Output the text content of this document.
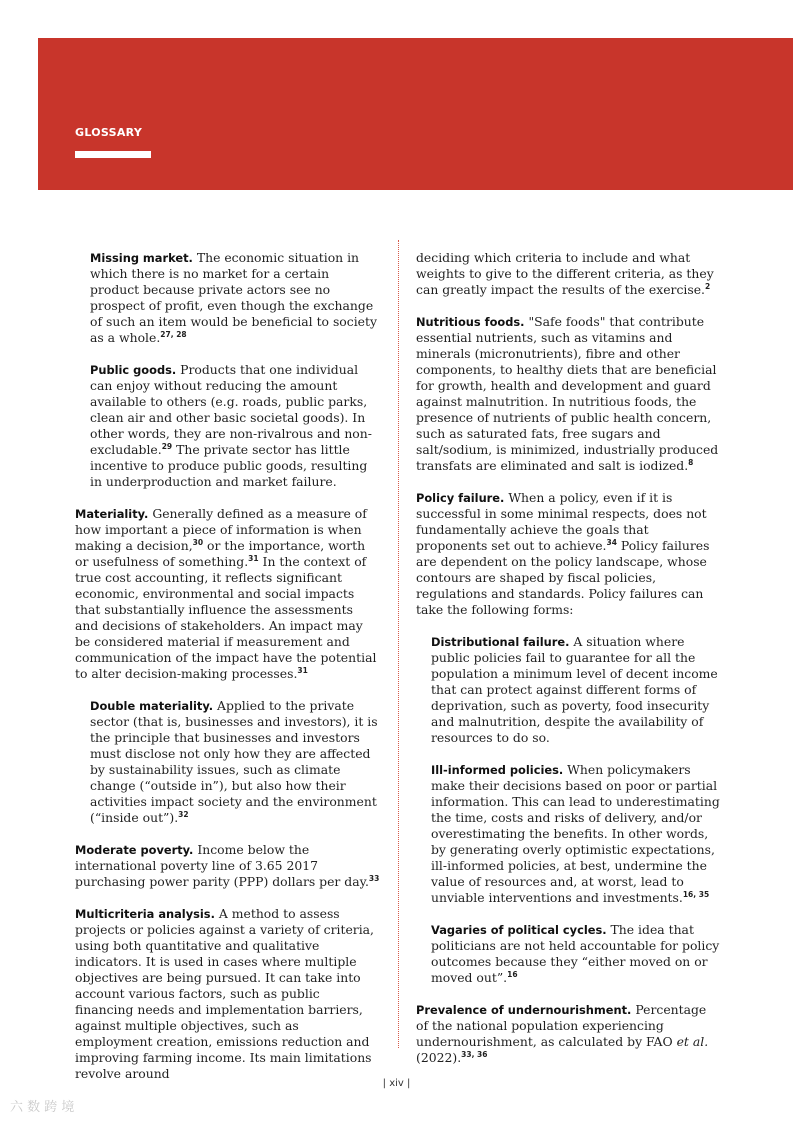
GLOSSARY

Missing market. The economic situation in which there is no market for a certain product because private actors see no prospect of profit, even though the exchange of such an item would be beneficial to society as a whole.$^{27, 28}$

Public goods. Products that one individual can enjoy without reducing the amount available to others (e.g. roads, public parks, clean air and other basic societal goods). In other words, they are non-rivalrous and non-excludable.$^{29}$ The private sector has little incentive to produce public goods, resulting in underproduction and market failure.

Materiality. Generally defined as a measure of how important a piece of information is when making a decision,$^{30}$ or the importance, worth or usefulness of something.$^{31}$ In the context of true cost accounting, it reflects significant economic, environmental and social impacts that substantially influence the assessments and decisions of stakeholders. An impact may be considered material if measurement and communication of the impact have the potential to alter decision-making processes.$^{31}$

Double materiality. Applied to the private sector (that is, businesses and investors), it is the principle that businesses and investors must disclose not only how they are affected by sustainability issues, such as climate change (“outside in”), but also how their activities impact society and the environment (“inside out”).$^{32}$

Moderate poverty. Income below the international poverty line of 3.65 2017 purchasing power parity (PPP) dollars per day.$^{33}$

Multicriteria analysis. A method to assess projects or policies against a variety of criteria, using both quantitative and qualitative indicators. It is used in cases where multiple objectives are being pursued. It can take into account various factors, such as public financing needs and implementation barriers, against multiple objectives, such as employment creation, emissions reduction and improving farming income. Its main limitations revolve around

deciding which criteria to include and what weights to give to the different criteria, as they can greatly impact the results of the exercise.$^2$

Nutritious foods. "Safe foods" that contribute essential nutrients, such as vitamins and minerals (micronutrients), fibre and other components, to healthy diets that are beneficial for growth, health and development and guard against malnutrition. In nutritious foods, the presence of nutrients of public health concern, such as saturated fats, free sugars and salt/sodium, is minimized, industrially produced transfats are eliminated and salt is iodized.$^8$

Policy failure. When a policy, even if it is successful in some minimal respects, does not fundamentally achieve the goals that proponents set out to achieve.$^{34}$ Policy failures are dependent on the policy landscape, whose contours are shaped by fiscal policies, regulations and standards. Policy failures can take the following forms:

Distributional failure. A situation where public policies fail to guarantee for all the population a minimum level of decent income that can protect against different forms of deprivation, such as poverty, food insecurity and malnutrition, despite the availability of resources to do so.

Ill-informed policies. When policymakers make their decisions based on poor or partial information. This can lead to underestimating the time, costs and risks of delivery, and/or overestimating the benefits. In other words, by generating overly optimistic expectations, ill-informed policies, at best, undermine the value of resources and, at worst, lead to unviable interventions and investments.$^{16, 35}$

Vagaries of political cycles. The idea that politicians are not held accountable for policy outcomes because they “either moved on or moved out”.$^{16}$

Prevalence of undernourishment. Percentage of the national population experiencing undernourishment, as calculated by FAO et al. (2022).$^{33, 36}$

| xiv |
六 数 跨 境
